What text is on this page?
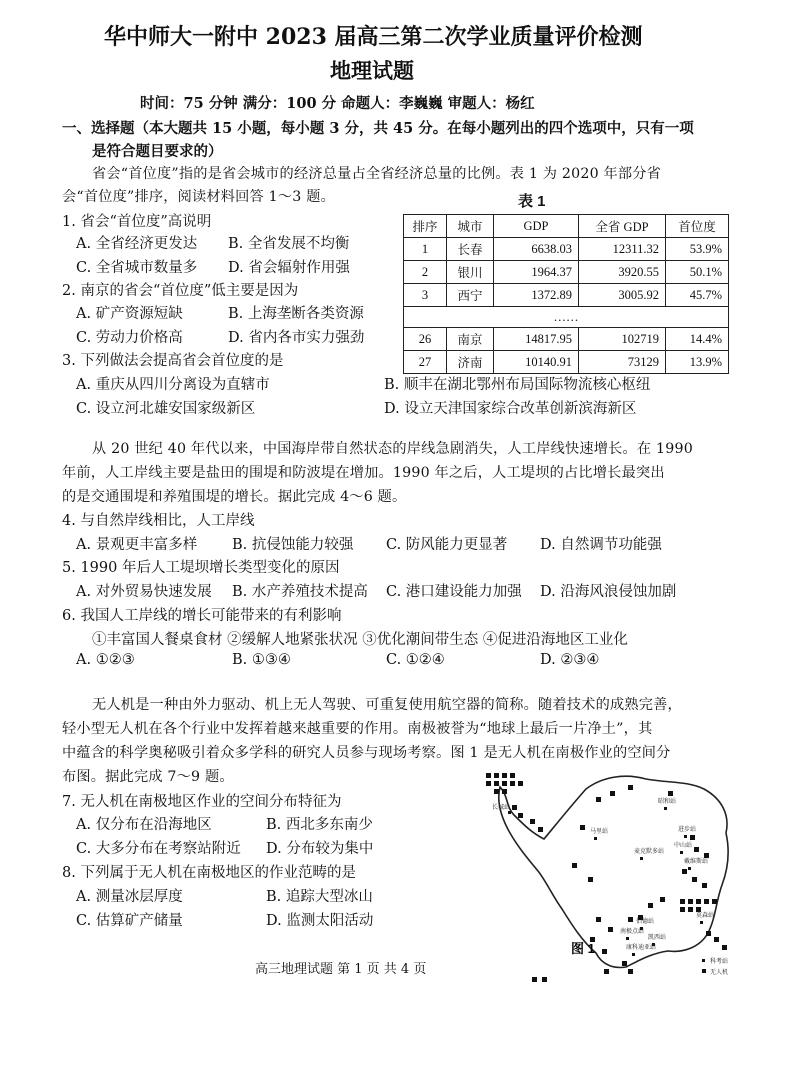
华中师大一附中 2023 届高三第二次学业质量评价检测
地理试题
时间：75 分钟 满分：100 分 命题人：李巍巍 审题人：杨红
一、选择题（本大题共 15 小题，每小题 3 分，共 45 分。在每小题列出的四个选项中，只有一项
是符合题目要求的）
省会“首位度”指的是省会城市的经济总量占全省经济总量的比例。表 1 为 2020 年部分省
会“首位度”排序，阅读材料回答 1～3 题。	表 1
排序	城市	GDP	全省 GDP	首位度
1	长春	6638.03	12311.32	53.9%
2	银川	1964.37	3920.55	50.1%
3	西宁	1372.89	3005.92	45.7%
……				
26	南京	14817.95	102719	14.4%
27	济南	10140.91	73129	13.9%
1. 省会“首位度”高说明
A. 全省经济更发达 B. 全省发展不均衡
C. 全省城市数量多 D. 省会辐射作用强
2. 南京的省会“首位度”低主要是因为
A. 矿产资源短缺	B. 上海垄断各类资源
C. 劳动力价格高	D. 省内各市实力强劲
3. 下列做法会提高省会首位度的是
A. 重庆从四川分离设为直辖市	B. 顺丰在湖北鄂州布局国际物流核心枢纽
C. 设立河北雄安国家级新区	D. 设立天津国家综合改革创新滨海新区
从 20 世纪 40 年代以来，中国海岸带自然状态的岸线急剧消失，人工岸线快速增长。在 1990
年前，人工岸线主要是盐田的围堤和防波堤在增加。1990 年之后，人工堤坝的占比增长最突出
的是交通围堤和养殖围堤的增长。据此完成 4～6 题。
4. 与自然岸线相比，人工岸线
A. 景观更丰富多样 B. 抗侵蚀能力较强 C. 防风能力更显著 D. 自然调节功能强
5. 1990 年后人工堤坝增长类型变化的原因
A. 对外贸易快速发展 B. 水产养殖技术提高 C. 港口建设能力加强 D. 沿海风浪侵蚀加剧
6. 我国人工岸线的增长可能带来的有利影响
①丰富国人餐桌食材 ②缓解人地紧张状况 ③优化潮间带生态 ④促进沿海地区工业化
A. ①②③	B. ①③④	C. ①②④	D. ②③④
无人机是一种由外力驱动、机上无人驾驶、可重复使用航空器的简称。随着技术的成熟完善，
轻小型无人机在各个行业中发挥着越来越重要的作用。南极被誉为“地球上最后一片净土”，其
中蕴含的科学奥秘吸引着众多学科的研究人员参与现场考察。图 1 是无人机在南极作业的空间分
布图。据此完成 7～9 题。
7. 无人机在南极地区作业的空间分布特征为
A. 仅分布在沿海地区	B. 西北多东南少
C. 大多分布在考察站附近 D. 分布较为集中
8. 下列属于无人机在南极地区的作业范畴的是
A. 测量冰层厚度	B. 追踪大型冰山
C. 估算矿产储量	D. 监测太阳活动
长城站
昭和站
马里站	进步站
中山站
戴维斯站
麦克默多站
南极点站
康科迪亚站
莫森站
伯德站
凯西站
图 1
科考站
无人机
高三地理试题 第 1 页 共 4 页
